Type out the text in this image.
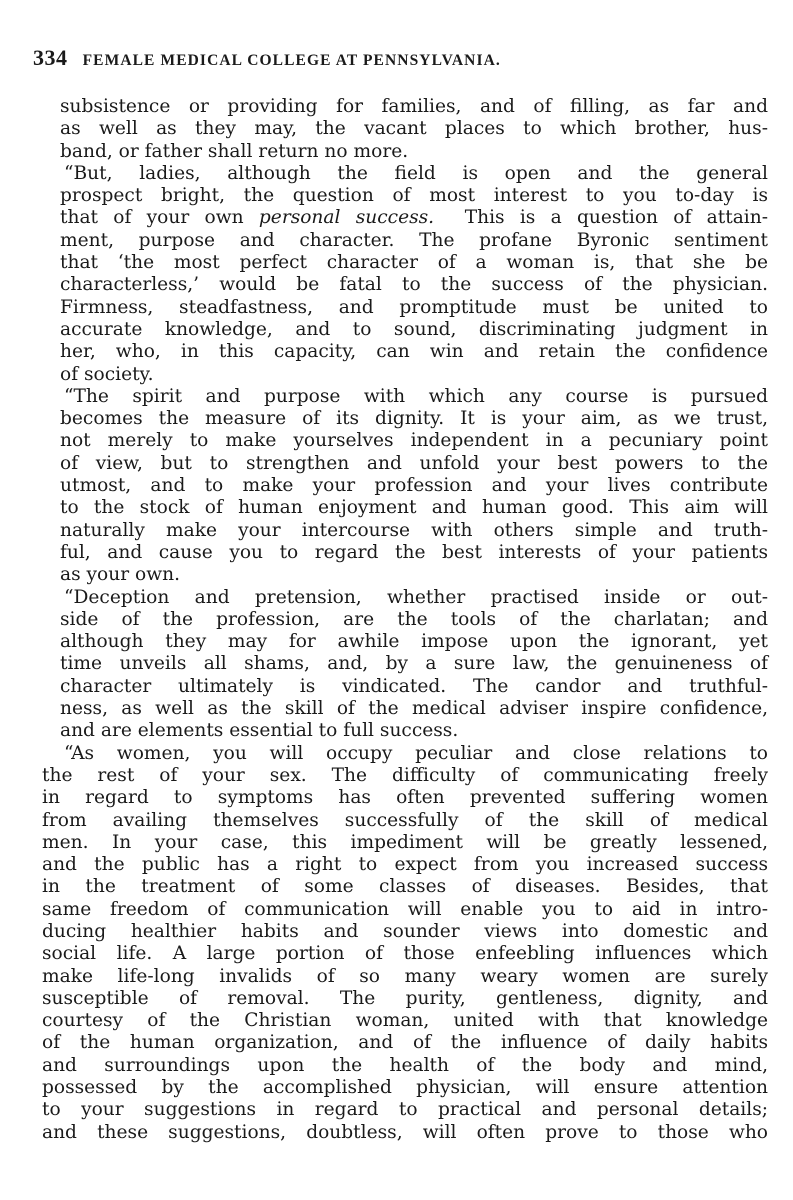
334 FEMALE MEDICAL COLLEGE AT PENNSYLVANIA.
subsistence or providing for families, and of filling, as far and
as well as they may, the vacant places to which brother, hus-
band, or father shall return no more.
“But, ladies, although the field is open and the general
prospect bright, the question of most interest to you to-day is
that of your own personal success. This is a question of attain-
ment, purpose and character. The profane Byronic sentiment
that ‘the most perfect character of a woman is, that she be
characterless,’ would be fatal to the success of the physician.
Firmness, steadfastness, and promptitude must be united to
accurate knowledge, and to sound, discriminating judgment in
her, who, in this capacity, can win and retain the confidence
of society.
“The spirit and purpose with which any course is pursued
becomes the measure of its dignity. It is your aim, as we trust,
not merely to make yourselves independent in a pecuniary point
of view, but to strengthen and unfold your best powers to the
utmost, and to make your profession and your lives contribute
to the stock of human enjoyment and human good. This aim will
naturally make your intercourse with others simple and truth-
ful, and cause you to regard the best interests of your patients
as your own.
“Deception and pretension, whether practised inside or out-
side of the profession, are the tools of the charlatan; and
although they may for awhile impose upon the ignorant, yet
time unveils all shams, and, by a sure law, the genuineness of
character ultimately is vindicated. The candor and truthful-
ness, as well as the skill of the medical adviser inspire confidence,
and are elements essential to full success.
“As women, you will occupy peculiar and close relations to
the rest of your sex. The difficulty of communicating freely
in regard to symptoms has often prevented suffering women
from availing themselves successfully of the skill of medical
men. In your case, this impediment will be greatly lessened,
and the public has a right to expect from you increased success
in the treatment of some classes of diseases. Besides, that
same freedom of communication will enable you to aid in intro-
ducing healthier habits and sounder views into domestic and
social life. A large portion of those enfeebling influences which
make life-long invalids of so many weary women are surely
susceptible of removal. The purity, gentleness, dignity, and
courtesy of the Christian woman, united with that knowledge
of the human organization, and of the influence of daily habits
and surroundings upon the health of the body and mind,
possessed by the accomplished physician, will ensure attention
to your suggestions in regard to practical and personal details;
and these suggestions, doubtless, will often prove to those who
